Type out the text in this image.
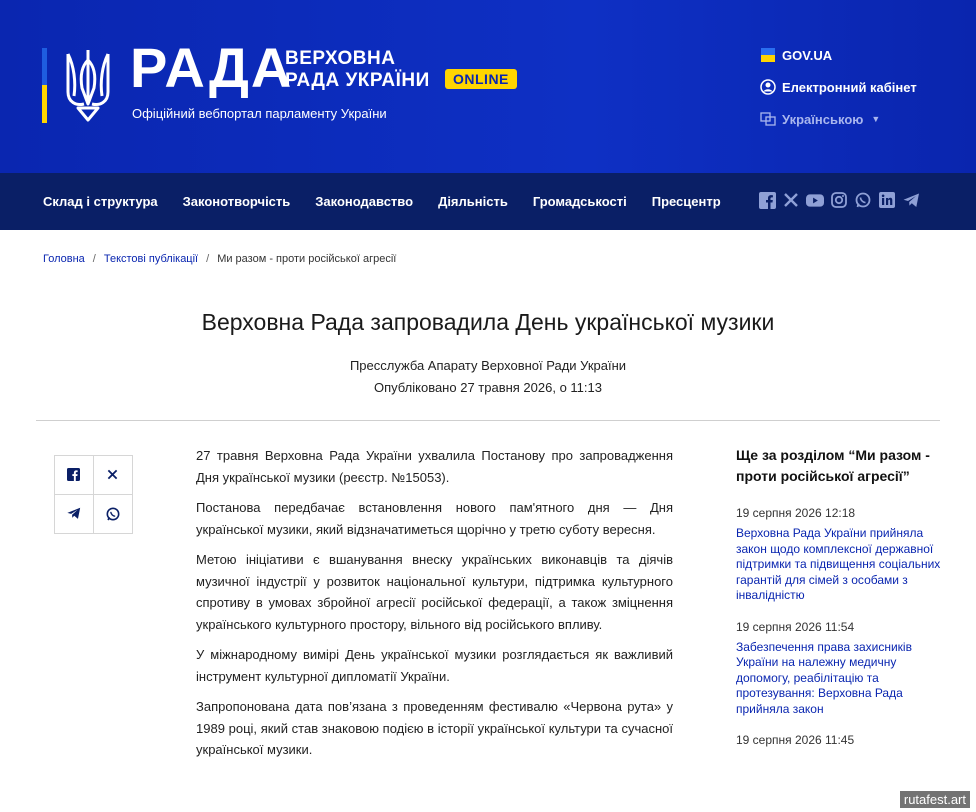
РАДА
ВЕРХОВНА
РАДА УКРАЇНИ	ONLINE
Офіційний вебпортал парламенту України
GOV.UA
Електронний кабінет
Українською ▼
Склад і структура Законотворчість Законодавство Діяльність Громадськості Пресцентр
Головна / Текстові публікації / Ми разом - проти російської агресії
Верховна Рада запровадила День української музики
Пресслужба Апарату Верховної Ради України
Опубліковано 27 травня 2026, о 11:13

27 травня Верховна Рада України ухвалила Постанову про запровадження Дня української музики (реєстр. №15053).

Постанова передбачає встановлення нового пам'ятного дня — Дня української музики, який відзначатиметься щорічно у третю суботу вересня.

Метою ініціативи є вшанування внеску українських виконавців та діячів музичної індустрії у розвиток національної культури, підтримка культурного спротиву в умовах збройної агресії російської федерації, а також зміцнення українського культурного простору, вільного від російського впливу.

У міжнародному вимірі День української музики розглядається як важливий інструмент культурної дипломатії України.

Запропонована дата пов’язана з проведенням фестивалю «Червона рута» у 1989 році, який став знаковою подією в історії української культури та сучасної української музики.

Ще за розділом “Ми разом - проти російської агресії”
19 серпня 2026 12:18
Верховна Рада України прийняла закон щодо комплексної державної підтримки та підвищення соціальних гарантій для сімей з особами з інвалідністю
19 серпня 2026 11:54
Забезпечення права захисників України на належну медичну допомогу, реабілітацію та протезування: Верховна Рада прийняла закон
19 серпня 2026 11:45
rutafest.art
